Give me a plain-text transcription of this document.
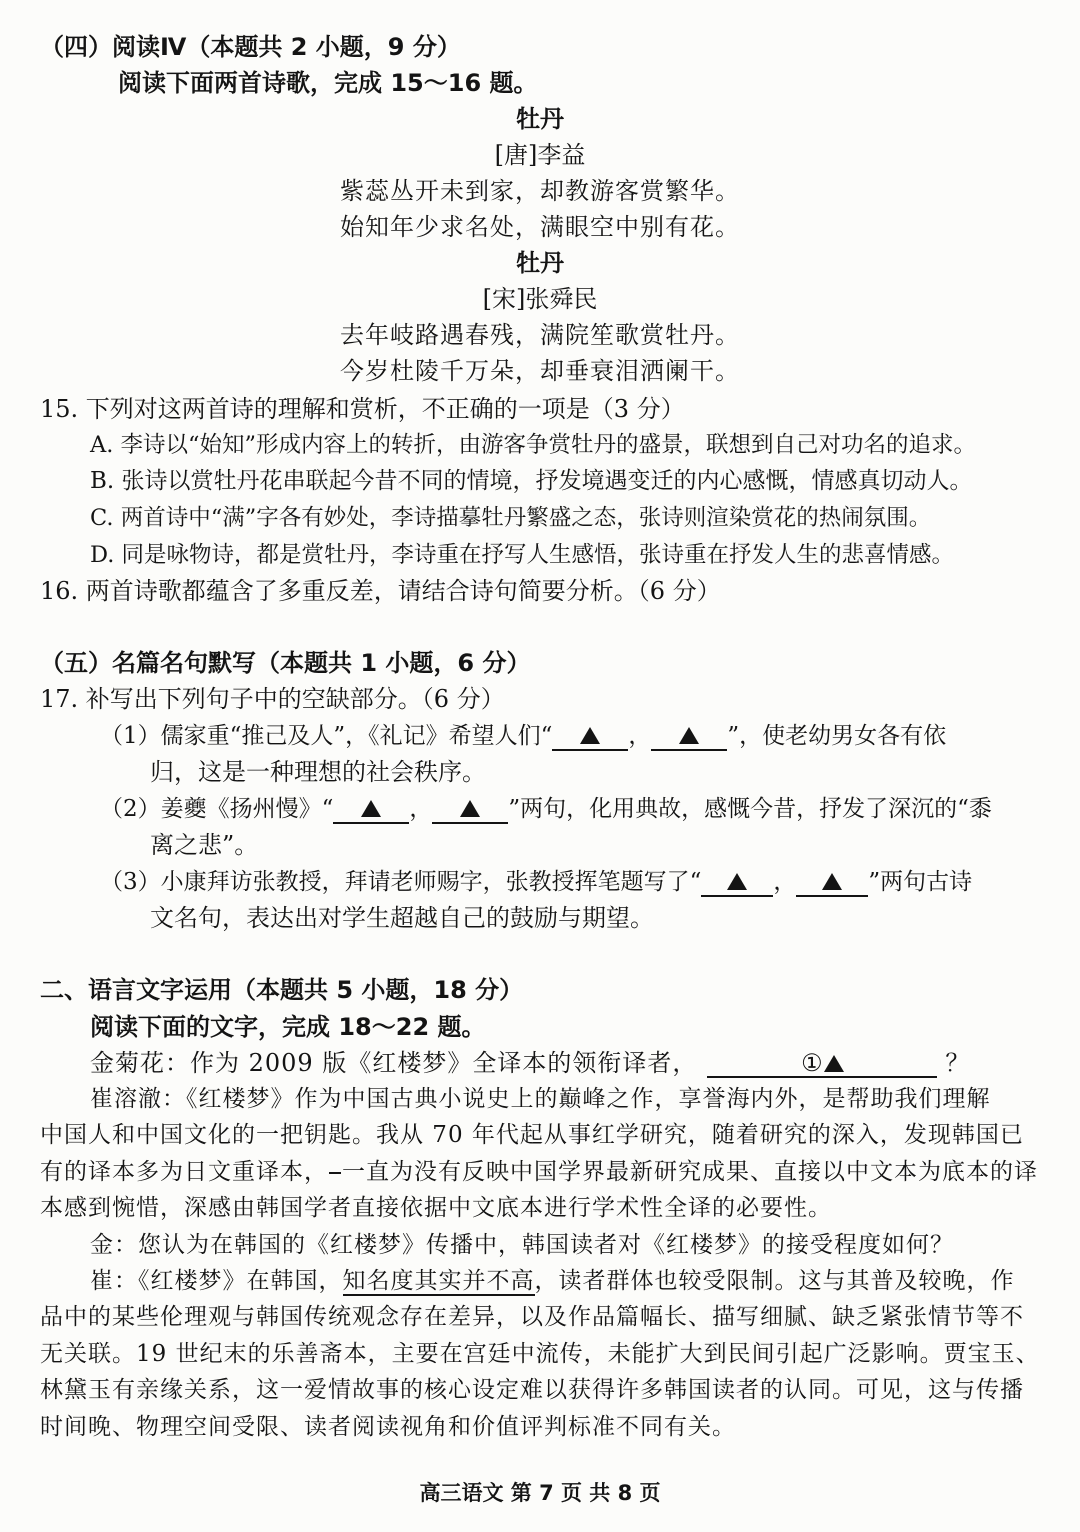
（四）阅读Ⅳ（本题共 2 小题，9 分）
阅读下面两首诗歌，完成 15～16 题。
牡丹
[唐]李益
紫蕊丛开未到家，却教游客赏繁华。
始知年少求名处，满眼空中别有花。
牡丹
[宋]张舜民
去年岐路遇春残，满院笙歌赏牡丹。
今岁杜陵千万朵，却垂衰泪洒阑干。
15. 下列对这两首诗的理解和赏析，不正确的一项是（3 分）
A. 李诗以“始知”形成内容上的转折，由游客争赏牡丹的盛景，联想到自己对功名的追求。
B. 张诗以赏牡丹花串联起今昔不同的情境，抒发境遇变迁的内心感慨，情感真切动人。
C. 两首诗中“满”字各有妙处，李诗描摹牡丹繁盛之态，张诗则渲染赏花的热闹氛围。
D. 同是咏物诗，都是赏牡丹，李诗重在抒写人生感悟，张诗重在抒发人生的悲喜情感。
16. 两首诗歌都蕴含了多重反差，请结合诗句简要分析。（6 分）
（五）名篇名句默写（本题共 1 小题，6 分）
17. 补写出下列句子中的空缺部分。（6 分）
（1）儒家重“推己及人”，《礼记》希望人们“	，	”，使老幼男女各有依
归，这是一种理想的社会秩序。
（2）姜夔《扬州慢》“	，	”两句，化用典故，感慨今昔，抒发了深沉的“黍
离之悲”。
（3）小康拜访张教授，拜请老师赐字，张教授挥笔题写了“	，	”两句古诗
文名句，表达出对学生超越自己的鼓励与期望。
二、语言文字运用（本题共 5 小题，18 分）
阅读下面的文字，完成 18～22 题。
金菊花：作为 2009 版《红楼梦》全译本的领衔译者，	①	？
崔溶澈：《红楼梦》作为中国古典小说史上的巅峰之作，享誉海内外，是帮助我们理解
中国人和中国文化的一把钥匙。我从 70 年代起从事红学研究，随着研究的深入，发现韩国已
有的译本多为日文重译本， 一直为没有反映中国学界最新研究成果、直接以中文本为底本的译
本感到惋惜，深感由韩国学者直接依据中文底本进行学术性全译的必要性。
金：您认为在韩国的《红楼梦》传播中，韩国读者对《红楼梦》的接受程度如何？
崔：《红楼梦》在韩国，知名度其实并不高，读者群体也较受限制。这与其普及较晚，作
品中的某些伦理观与韩国传统观念存在差异，以及作品篇幅长、描写细腻、缺乏紧张情节等不
无关联。19 世纪末的乐善斋本，主要在宫廷中流传，未能扩大到民间引起广泛影响。贾宝玉、
林黛玉有亲缘关系，这一爱情故事的核心设定难以获得许多韩国读者的认同。可见，这与传播
时间晚、物理空间受限、读者阅读视角和价值评判标准不同有关。
高三语文 第 7 页 共 8 页
